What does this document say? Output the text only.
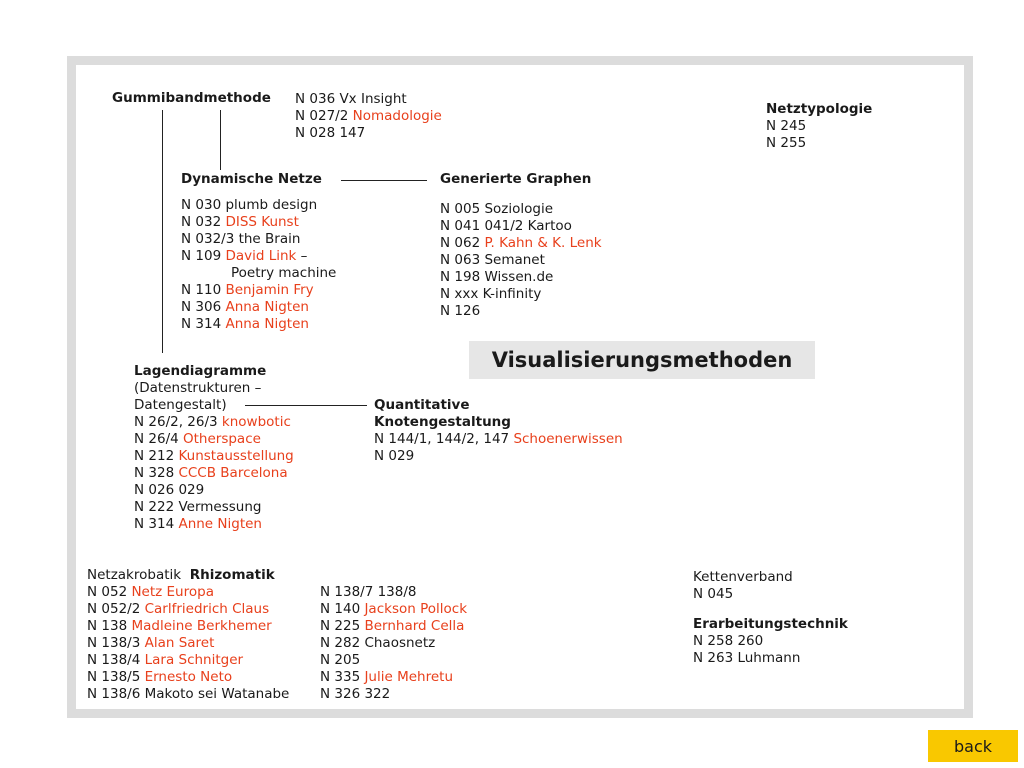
Gummibandmethode N 036 Vx Insight
N 027/2 Nomadologie
N 028 147
Netztypologie
N 245
N 255
Dynamische Netze
N 030 plumb design
N 032 DISS Kunst
N 032/3 the Brain
N 109 David Link –
Poetry machine
N 110 Benjamin Fry
N 306 Anna Nigten
N 314 Anna Nigten
Generierte Graphen
N 005 Soziologie
N 041 041/2 Kartoo
N 062 P. Kahn & K. Lenk
N 063 Semanet
N 198 Wissen.de
N xxx K-infinity
N 126
Visualisierungsmethoden
Lagendiagramme
(Datenstrukturen –
Datengestalt)
N 26/2, 26/3 knowbotic
N 26/4 Otherspace
N 212 Kunstausstellung
N 328 CCCB Barcelona
N 026 029
N 222 Vermessung
N 314 Anne Nigten
Quantitative
Knotengestaltung
N 144/1, 144/2, 147 Schoenerwissen
N 029
Netzakrobatik Rhizomatik
N 052 Netz Europa
N 052/2 Carlfriedrich Claus
N 138 Madleine Berkhemer
N 138/3 Alan Saret
N 138/4 Lara Schnitger
N 138/5 Ernesto Neto
N 138/6 Makoto sei Watanabe
N 138/7 138/8
N 140 Jackson Pollock
N 225 Bernhard Cella
N 282 Chaosnetz
N 205
N 335 Julie Mehretu
N 326 322
Kettenverband
N 045
Erarbeitungstechnik
N 258 260
N 263 Luhmann
back
